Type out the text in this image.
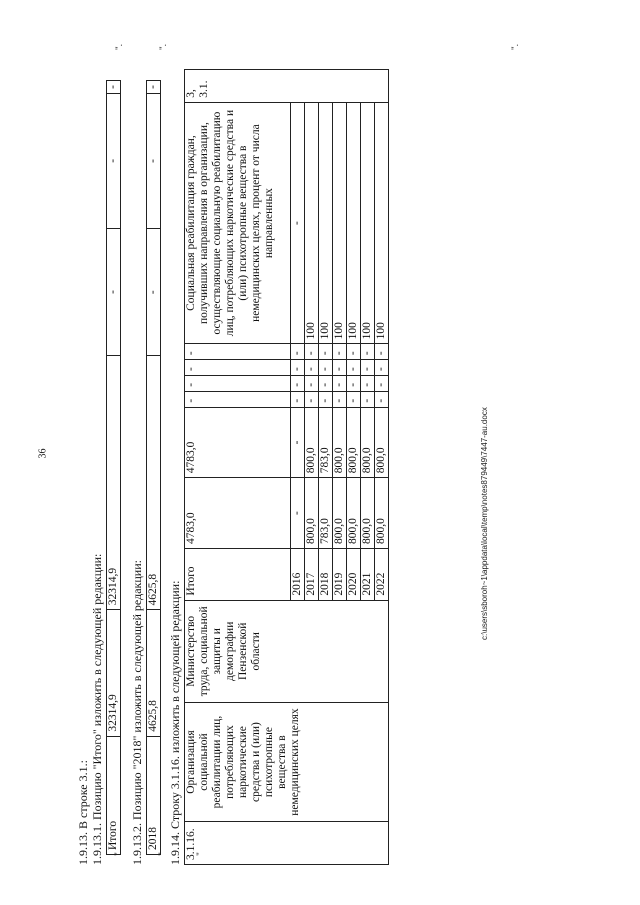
36	c:\users\sboroh~1\appdata\local\temp\notes879449\7447-au.docx
"
".
"
".
"
".
1.9.13. В строке 3.1.: 1.9.13.1. Позицию "Итого" изложить в следующей редакции: Итого	32314,9	32314,9	-	-	-
1.9.13.2. Позицию "2018" изложить в следующей редакции: 2018	4625,8	4625,8	-	-	-
1.9.14. Строку 3.1.16. изложить в следующей редакции: 3.1.16.	Организация социальной реабилитации лиц, потребляющих наркотические средства и (или) психотропные вещества в немедицинских целях	Министерство труда, социальной защиты и демографии Пензенской области	Итого	4783,0	4783,0	-	-	-	-	Социальная реабилитация граждан, получивших направления в организации, осуществляющие социальную реабилитацию лиц, потребляющих наркотические средства и (или) психотропные вещества в немедицинских целях, процент от числа направленных	3, 3.1.
			2016	-	-	-	-	-	-	-	
			2017	800,0	800,0	-	-	-	-	100	
			2018	783,0	783,0	-	-	-	-	100	
			2019	800,0	800,0	-	-	-	-	100	
			2020	800,0	800,0	-	-	-	-	100	
			2021	800,0	800,0	-	-	-	-	100	
			2022	800,0	800,0	-	-	-	-	100	
